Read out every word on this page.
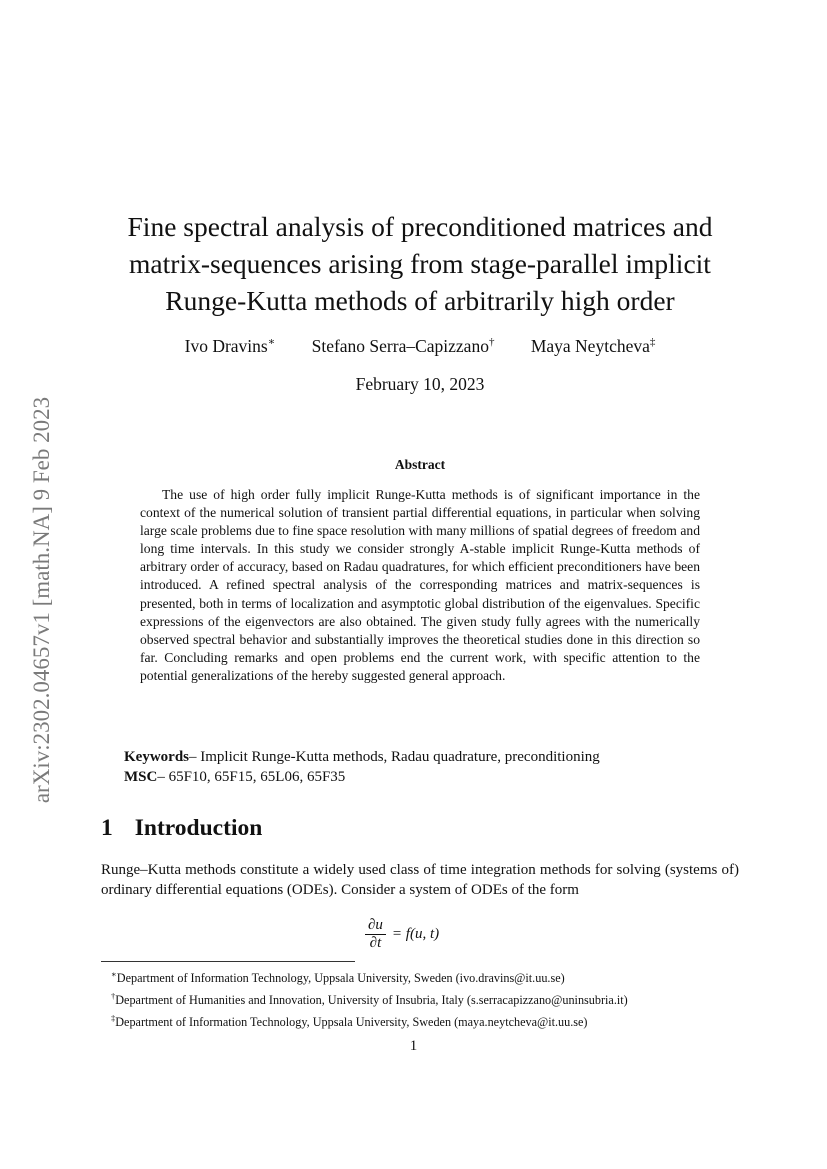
arXiv:2302.04657v1 [math.NA] 9 Feb 2023
Fine spectral analysis of preconditioned matrices and
matrix-sequences arising from stage-parallel implicit
Runge-Kutta methods of arbitrarily high order
Ivo Dravins∗ Stefano Serra–Capizzano† Maya Neytcheva‡
February 10, 2023
Abstract
The use of high order fully implicit Runge-Kutta methods is of significant importance in the context of the numerical solution of transient partial differential equations, in particular when solving large scale problems due to fine space resolution with many millions of spatial degrees of freedom and long time intervals. In this study we consider strongly A-stable implicit Runge-Kutta methods of arbitrary order of accuracy, based on Radau quadratures, for which efficient preconditioners have been introduced. A refined spectral analysis of the corresponding matrices and matrix-sequences is presented, both in terms of localization and asymptotic global distribution of the eigenvalues. Specific expressions of the eigenvectors are also obtained. The given study fully agrees with the numerically observed spectral behavior and substantially improves the theoretical studies done in this direction so far. Concluding remarks and open problems end the current work, with specific attention to the potential generalizations of the hereby suggested general approach.
Keywords– Implicit Runge-Kutta methods, Radau quadrature, preconditioning
MSC– 65F10, 65F15, 65L06, 65F35
1 Introduction
Runge–Kutta methods constitute a widely used class of time integration methods for solving (systems of) ordinary differential equations (ODEs). Consider a system of ODEs of the form
$\frac{\partial u}{\partial t} = f(u$, t)
∗Department of Information Technology, Uppsala University, Sweden (ivo.dravins@it.uu.se)
†Department of Humanities and Innovation, University of Insubria, Italy (s.serracapizzano@uninsubria.it)
‡Department of Information Technology, Uppsala University, Sweden (maya.neytcheva@it.uu.se)
1
